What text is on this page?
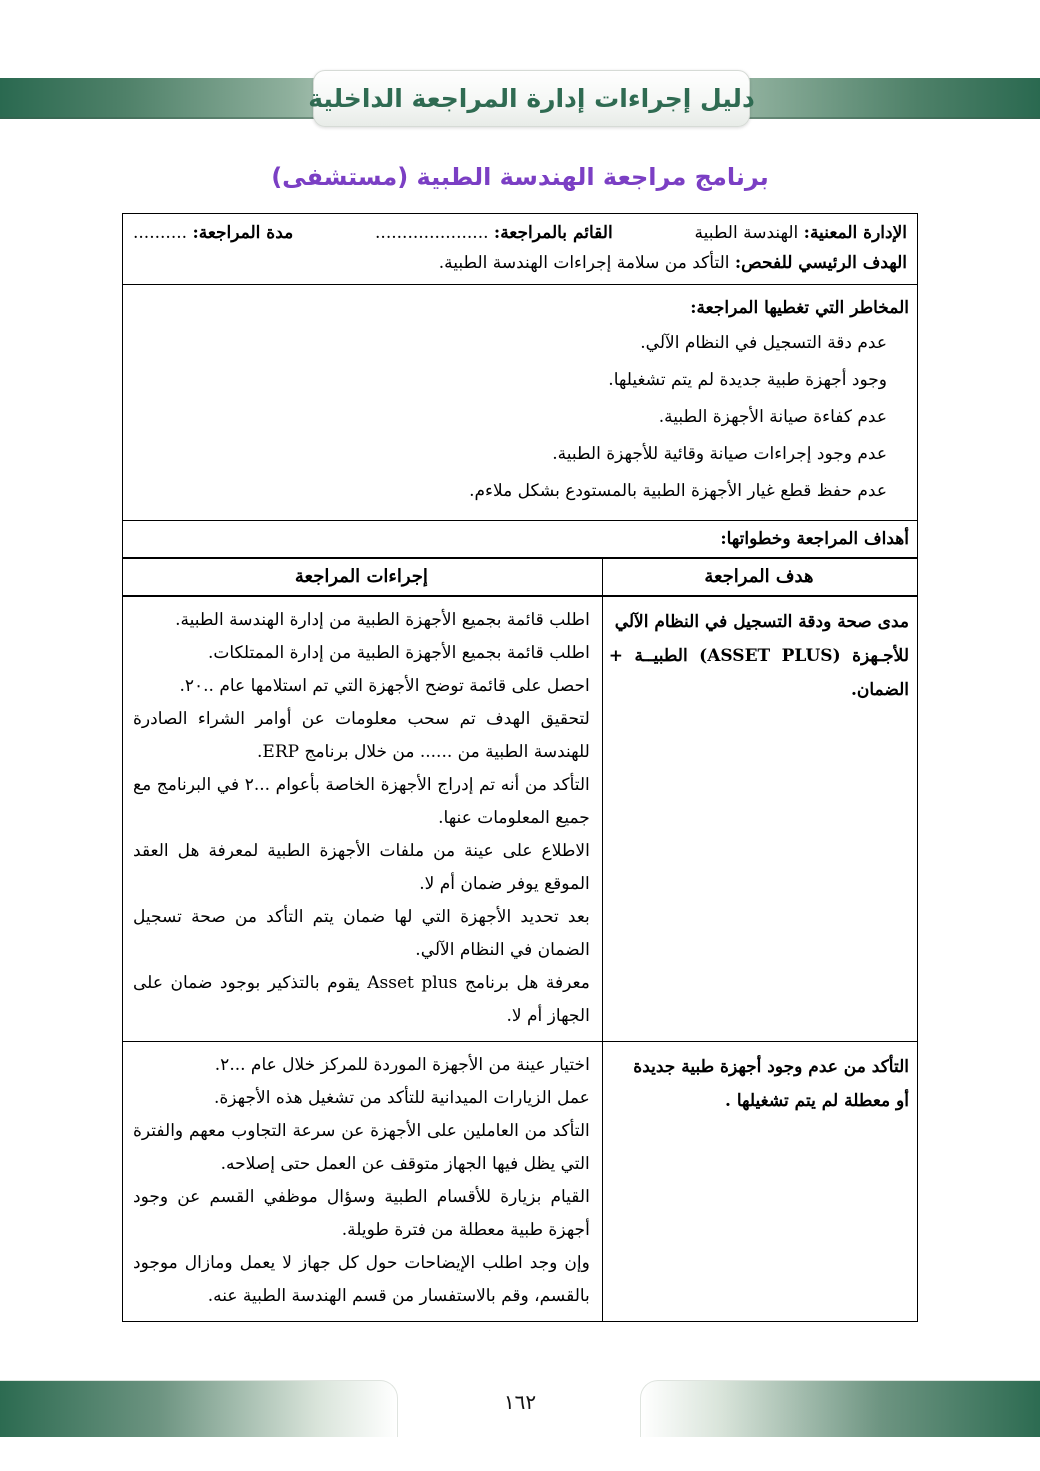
دليل إجراءات إدارة المراجعة الداخلية
برنامج مراجعة الهندسة الطبية (مستشفى)
الإدارة المعنية: الهندسة الطبية
القائم بالمراجعة: .....................
مدة المراجعة: ..........
الهدف الرئيسي للفحص: التأكد من سلامة إجراءات الهندسة الطبية.
المخاطر التي تغطيها المراجعة:
عدم دقة التسجيل في النظام الآلي.
وجود أجهزة طبية جديدة لم يتم تشغيلها.
عدم كفاءة صيانة الأجهزة الطبية.
عدم وجود إجراءات صيانة وقائية للأجهزة الطبية.
عدم حفظ قطع غيار الأجهزة الطبية بالمستودع بشكل ملاءم.
أهداف المراجعة وخطواتها:
هدف المراجعة
إجراءات المراجعة
مدى صحة ودقة التسجيل في النظام الآلي
للأجـهزة (ASSET PLUS) الطبيــة +
الضمان.

اطلب قائمة بجميع الأجهزة الطبية من إدارة الهندسة الطبية.

اطلب قائمة بجميع الأجهزة الطبية من إدارة الممتلكات.

احصل على قائمة توضح الأجهزة التي تم استلامها عام ..٢٠.

لتحقيق الهدف تم سحب معلومات عن أوامر الشراء الصادرة للهندسة الطبية من ...... من خلال برنامج ERP.

التأكد من أنه تم إدراج الأجهزة الخاصة بأعوام ...٢ في البرنامج مع جميع المعلومات عنها.

الاطلاع على عينة من ملفات الأجهزة الطبية لمعرفة هل العقد الموقع يوفر ضمان أم لا.

بعد تحديد الأجهزة التي لها ضمان يتم التأكد من صحة تسجيل الضمان في النظام الآلي.

معرفة هل برنامج Asset plus يقوم بالتذكير بوجود ضمان على الجهاز أم لا.

التأكد من عدم وجود أجهزة طبية جديدة
أو معطلة لم يتم تشغيلها .

اختيار عينة من الأجهزة الموردة للمركز خلال عام ...٢.

عمل الزيارات الميدانية للتأكد من تشغيل هذه الأجهزة.

التأكد من العاملين على الأجهزة عن سرعة التجاوب معهم والفترة التي يظل فيها الجهاز متوقف عن العمل حتى إصلاحه.

القيام بزيارة للأقسام الطبية وسؤال موظفي القسم عن وجود أجهزة طبية معطلة من فترة طويلة.

وإن وجد اطلب الإيضاحات حول كل جهاز لا يعمل ومازال موجود بالقسم، وقم بالاستفسار من قسم الهندسة الطبية عنه.

١٦٢
